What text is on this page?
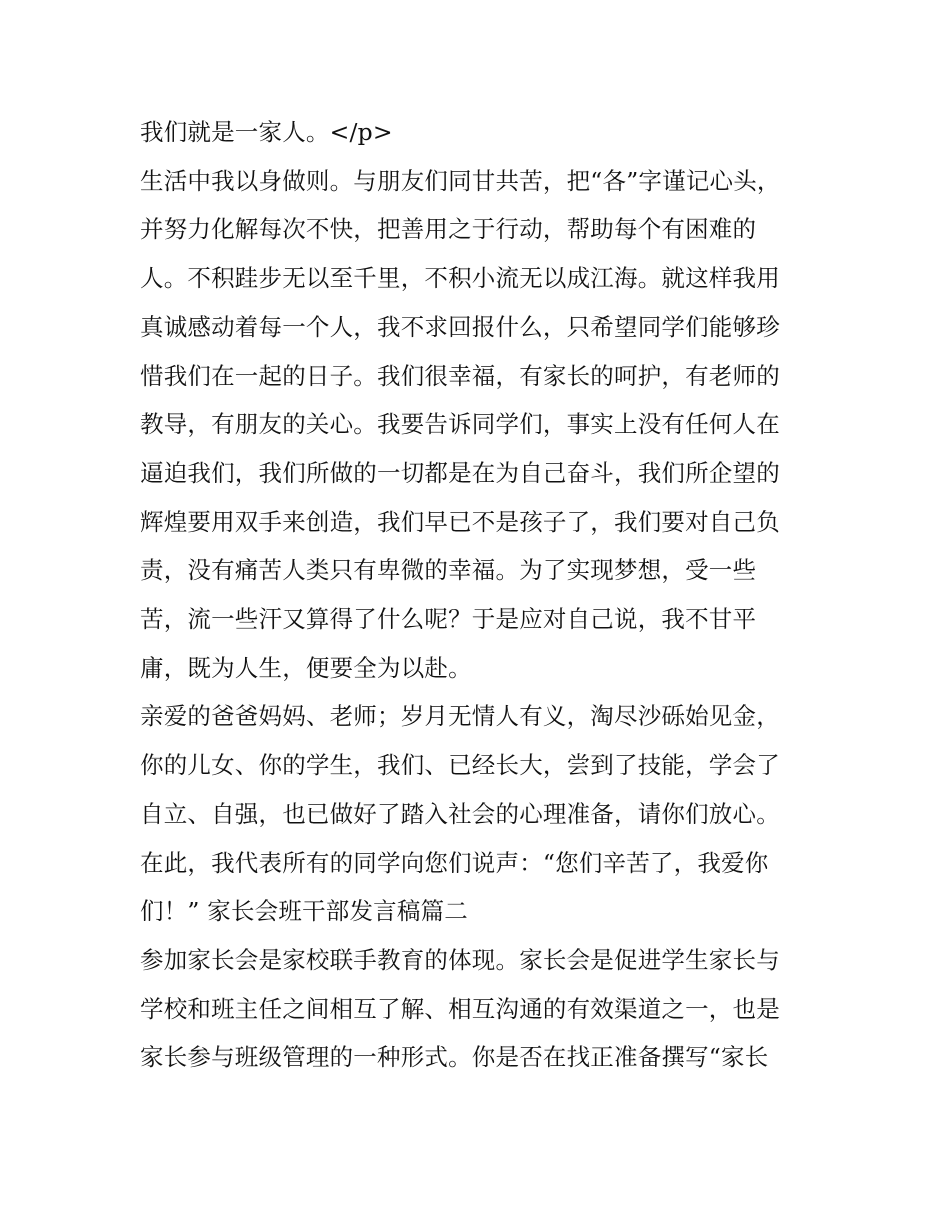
我们就是一家人。</p>
生活中我以身做则。与朋友们同甘共苦，把“各”字谨记心头，
并努力化解每次不快，把善用之于行动，帮助每个有困难的
人。不积跬步无以至千里，不积小流无以成江海。就这样我用
真诚感动着每一个人，我不求回报什么，只希望同学们能够珍
惜我们在一起的日子。我们很幸福，有家长的呵护，有老师的
教导，有朋友的关心。我要告诉同学们，事实上没有任何人在
逼迫我们，我们所做的一切都是在为自己奋斗，我们所企望的
辉煌要用双手来创造，我们早已不是孩子了，我们要对自己负
责，没有痛苦人类只有卑微的幸福。为了实现梦想，受一些
苦，流一些汗又算得了什么呢？于是应对自己说，我不甘平
庸，既为人生，便要全为以赴。
亲爱的爸爸妈妈、老师；岁月无情人有义，淘尽沙砾始见金，
你的儿女、你的学生，我们、已经长大，尝到了技能，学会了
自立、自强，也已做好了踏入社会的心理准备，请你们放心。
在此，我代表所有的同学向您们说声：“您们辛苦了，我爱你
们！” 家长会班干部发言稿篇二
参加家长会是家校联手教育的体现。家长会是促进学生家长与
学校和班主任之间相互了解、相互沟通的有效渠道之一，也是
家长参与班级管理的一种形式。你是否在找正准备撰写“家长
